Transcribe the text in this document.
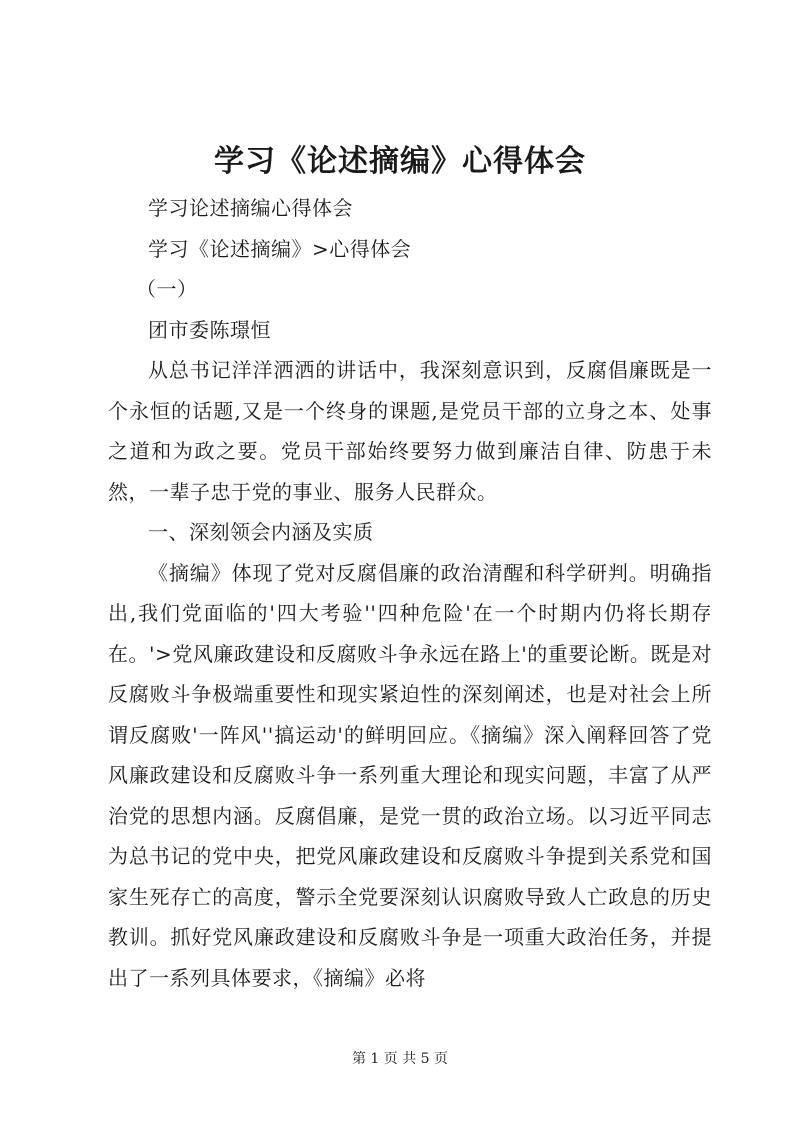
学习《论述摘编》心得体会

学习论述摘编心得体会

学习《论述摘编》>心得体会

（一）

团市委陈璟恒

从总书记洋洋洒洒的讲话中，我深刻意识到，反腐倡廉既是一个永恒的话题,又是一个终身的课题,是党员干部的立身之本、处事之道和为政之要。党员干部始终要努力做到廉洁自律、防患于未然，一辈子忠于党的事业、服务人民群众。

一、深刻领会内涵及实质

《摘编》体现了党对反腐倡廉的政治清醒和科学研判。明确指出,我们党面临的'四大考验''四种危险'在一个时期内仍将长期存在。'>党风廉政建设和反腐败斗争永远在路上'的重要论断。既是对反腐败斗争极端重要性和现实紧迫性的深刻阐述，也是对社会上所谓反腐败'一阵风''搞运动'的鲜明回应。《摘编》深入阐释回答了党风廉政建设和反腐败斗争一系列重大理论和现实问题，丰富了从严治党的思想内涵。反腐倡廉，是党一贯的政治立场。以习近平同志为总书记的党中央，把党风廉政建设和反腐败斗争提到关系党和国家生死存亡的高度，警示全党要深刻认识腐败导致人亡政息的历史教训。抓好党风廉政建设和反腐败斗争是一项重大政治任务，并提出了一系列具体要求，《摘编》必将

第 1 页 共 5 页
